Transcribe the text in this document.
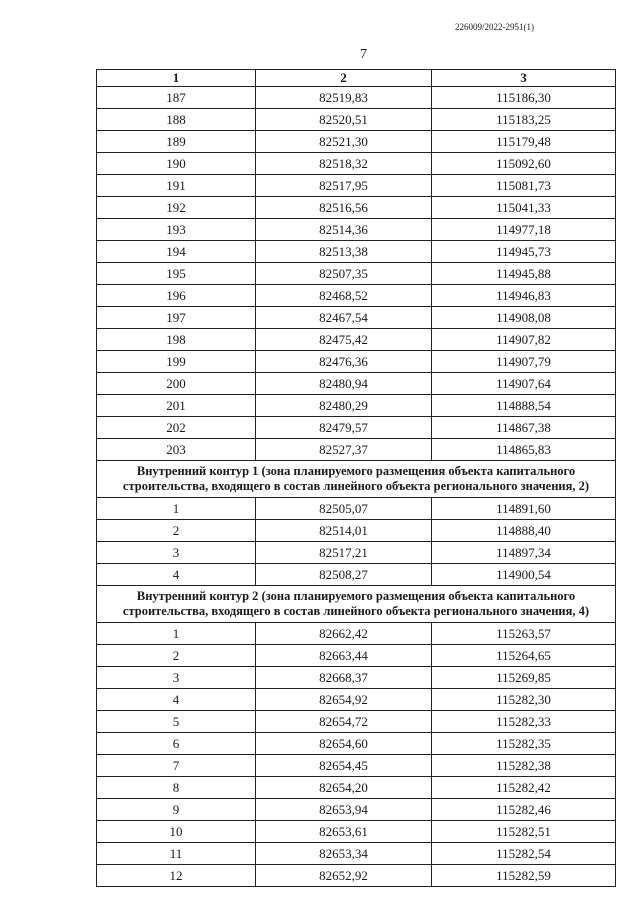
226009/2022-2951(1)
7
1	2	3
187	82519,83	115186,30
188	82520,51	115183,25
189	82521,30	115179,48
190	82518,32	115092,60
191	82517,95	115081,73
192	82516,56	115041,33
193	82514,36	114977,18
194	82513,38	114945,73
195	82507,35	114945,88
196	82468,52	114946,83
197	82467,54	114908,08
198	82475,42	114907,82
199	82476,36	114907,79
200	82480,94	114907,64
201	82480,29	114888,54
202	82479,57	114867,38
203	82527,37	114865,83
Внутренний контур 1 (зона планируемого размещения объекта капитального строительства, входящего в состав линейного объекта регионального значения, 2)		
1	82505,07	114891,60
2	82514,01	114888,40
3	82517,21	114897,34
4	82508,27	114900,54
Внутренний контур 2 (зона планируемого размещения объекта капитального строительства, входящего в состав линейного объекта регионального значения, 4)		
1	82662,42	115263,57
2	82663,44	115264,65
3	82668,37	115269,85
4	82654,92	115282,30
5	82654,72	115282,33
6	82654,60	115282,35
7	82654,45	115282,38
8	82654,20	115282,42
9	82653,94	115282,46
10	82653,61	115282,51
11	82653,34	115282,54
12	82652,92	115282,59
